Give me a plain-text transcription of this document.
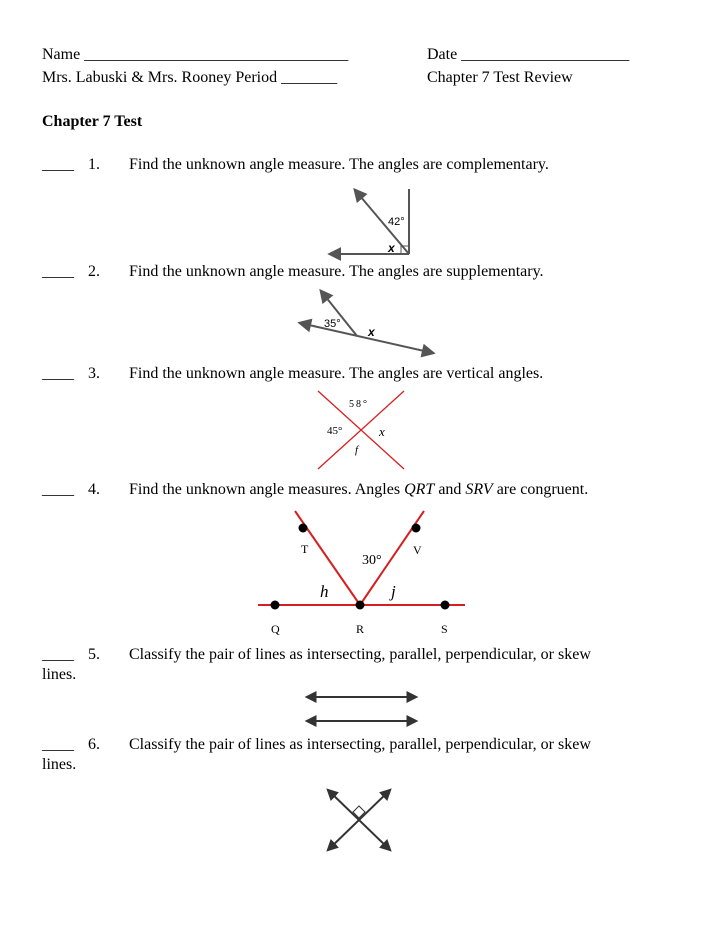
Name _________________________________	Date _____________________
Mrs. Labuski & Mrs. Rooney Period _______	Chapter 7 Test Review
Chapter 7 Test
____ 1. Find the unknown angle measure. The angles are complementary.
42°
x
____ 2. Find the unknown angle measure. The angles are supplementary.
35°
x
____ 3. Find the unknown angle measure. The angles are vertical angles.
58°
45°	x
f
____ 4. Find the unknown angle measures. Angles QRT and SRV are congruent.
T	V
Q	R	S
30°
h	j
____ 5. Classify the pair of lines as intersecting, parallel, perpendicular, or skew
lines.
____ 6. Classify the pair of lines as intersecting, parallel, perpendicular, or skew
lines.
